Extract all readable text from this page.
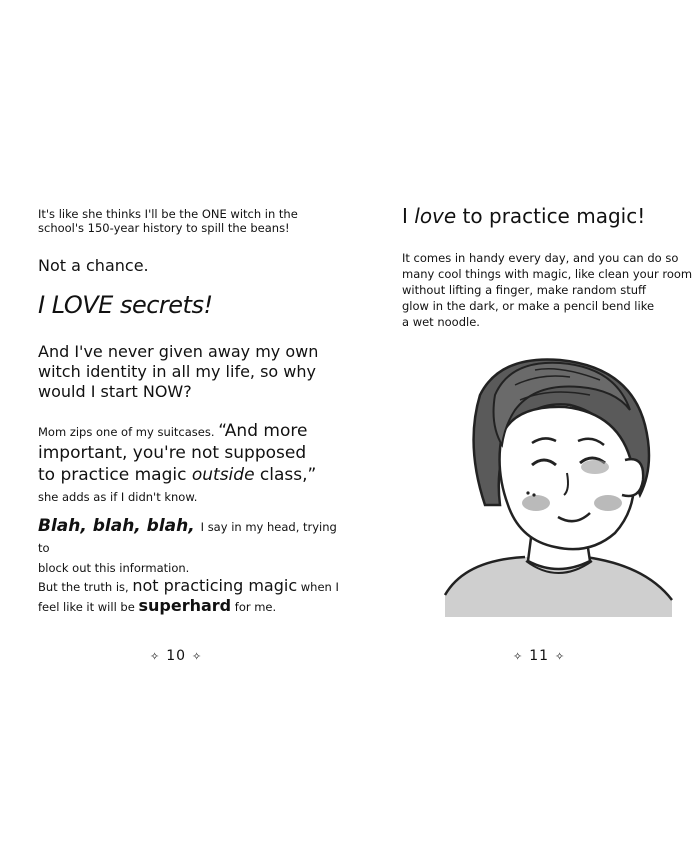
It's like she thinks I'll be the ONE witch in the
school's 150-year history to spill the beans!

Not a chance.

I LOVE secrets!

And I've never given away my own
witch identity in all my life, so why
would I start NOW?

Mom zips one of my suitcases. “And more
important, you're not supposed
to practice magic outside class,”
she adds as if I didn't know.

Blah, blah, blah, I say in my head, trying to
block out this information.

But the truth is, not practicing magic when I
feel like it will be superhard for me.

✧ 10 ✧

I love to practice magic!

It comes in handy every day, and you can do so
many cool things with magic, like clean your room
without lifting a finger, make random stuff
glow in the dark, or make a pencil bend like
a wet noodle.

✧ 11 ✧
